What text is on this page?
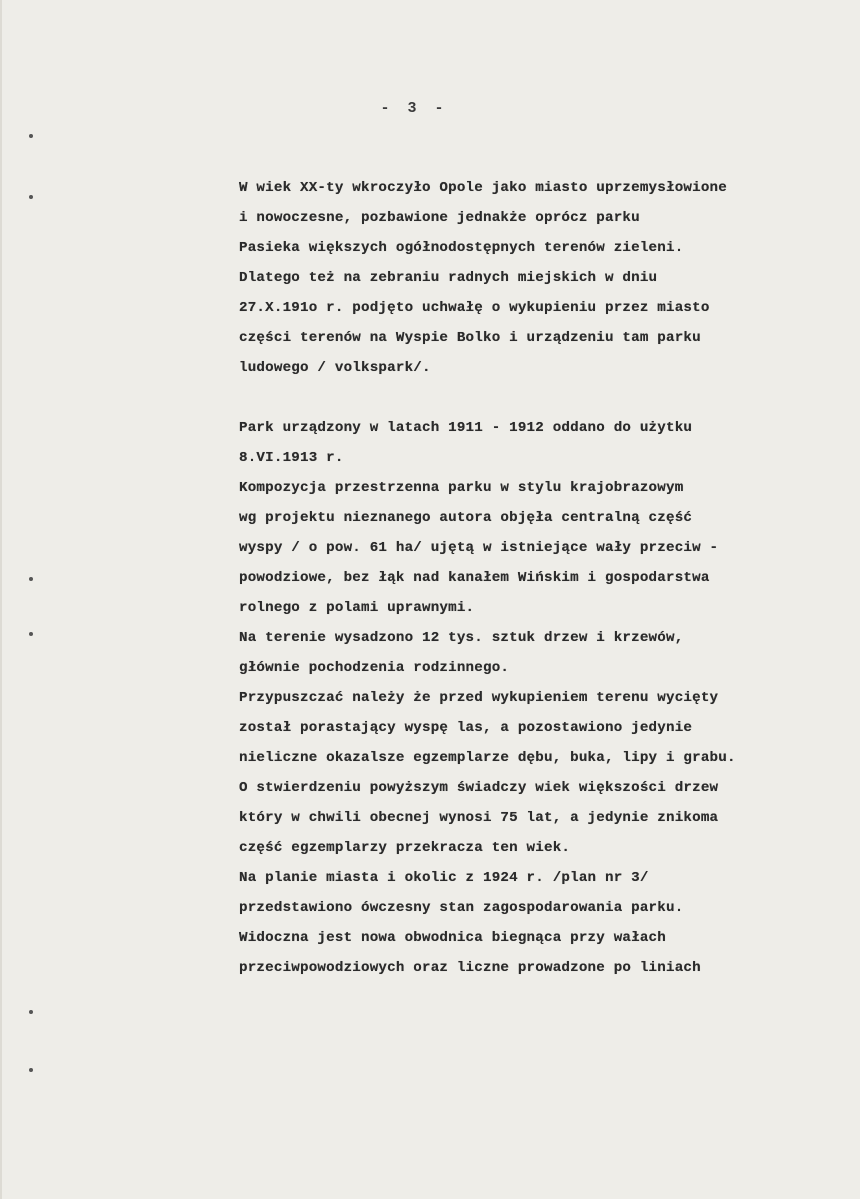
-  3  -
W wiek XX-ty wkroczyło Opole jako miasto uprzemysłowione
i nowoczesne, pozbawione jednakże oprócz parku
Pasieka większych ogółnodostępnych terenów zieleni.
Dlatego też na zebraniu radnych miejskich w dniu
27.X.191o r. podjęto uchwałę o wykupieniu przez miasto
części terenów na Wyspie Bolko i urządzeniu tam parku
ludowego / volkspark/.
Park urządzony w latach 1911 - 1912 oddano do użytku
8.VI.1913 r.
Kompozycja przestrzenna parku w stylu krajobrazowym
wg projektu nieznanego autora objęła centralną część
wyspy / o pow. 61 ha/ ujętą w istniejące wały przeciw -
powodziowe, bez łąk nad kanałem Wińskim i gospodarstwa
rolnego z polami uprawnymi.
Na terenie wysadzono 12 tys. sztuk drzew i krzewów,
głównie pochodzenia rodzinnego.
Przypuszczać należy że przed wykupieniem terenu wycięty
został porastający wyspę las, a pozostawiono jedynie
nieliczne okazalsze egzemplarze dębu, buka, lipy i grabu.
O stwierdzeniu powyższym świadczy wiek większości drzew
który w chwili obecnej wynosi 75 lat, a jedynie znikoma
część egzemplarzy przekracza ten wiek.
Na planie miasta i okolic z 1924 r. /plan nr 3/
przedstawiono ówczesny stan zagospodarowania parku.
Widoczna jest nowa obwodnica biegnąca przy wałach
przeciwpowodziowych oraz liczne prowadzone po liniach
